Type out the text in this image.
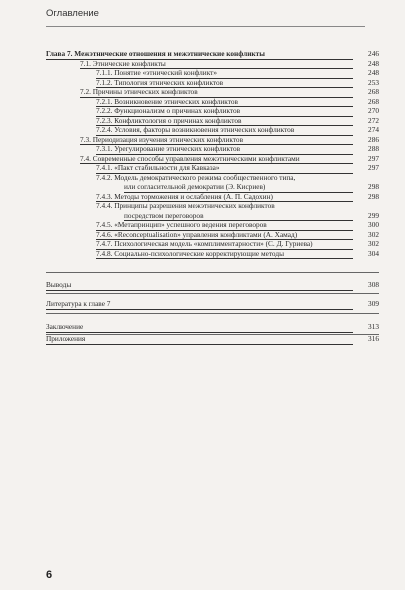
Оглавление
Глава 7. Межэтнические отношения и межэтнические конфликты	246
7.1. Этнические конфликты	248
7.1.1. Понятие «этнический конфликт»	248
7.1.2. Типология этнических конфликтов	253
7.2. Причины этнических конфликтов	268
7.2.1. Возникновение этнических конфликтов	268
7.2.2. Функционализм о причинах конфликтов	270
7.2.3. Конфликтология о причинах конфликтов	272
7.2.4. Условия, факторы возникновения этнических конфликтов	274
7.3. Периодизация изучения этнических конфликтов	286
7.3.1. Урегулирование этнических конфликтов	288
7.4. Современные способы управления межэтническими конфликтами	297
7.4.1. «Пакт стабильности для Кавказа»	297
7.4.2. Модель демократического режима сообщественного типа,
или согласительной демократии (Э. Кисриев)	298
7.4.3. Методы торможения и ослабления (А. П. Садохин)	298
7.4.4. Принципы разрешения межэтнических конфликтов
посредством переговоров	299
7.4.5. «Метапринцип» успешного ведения переговоров	300
7.4.6. «Reconceptualisation» управления конфликтами (А. Хамад)	302
7.4.7. Психологическая модель «комплиментарности» (С. Д. Гуриева)	302
7.4.8. Социально-психологические корректирующие методы	304
Выводы	308
Литература к главе 7	309
Заключение	313
Приложения	316
6
